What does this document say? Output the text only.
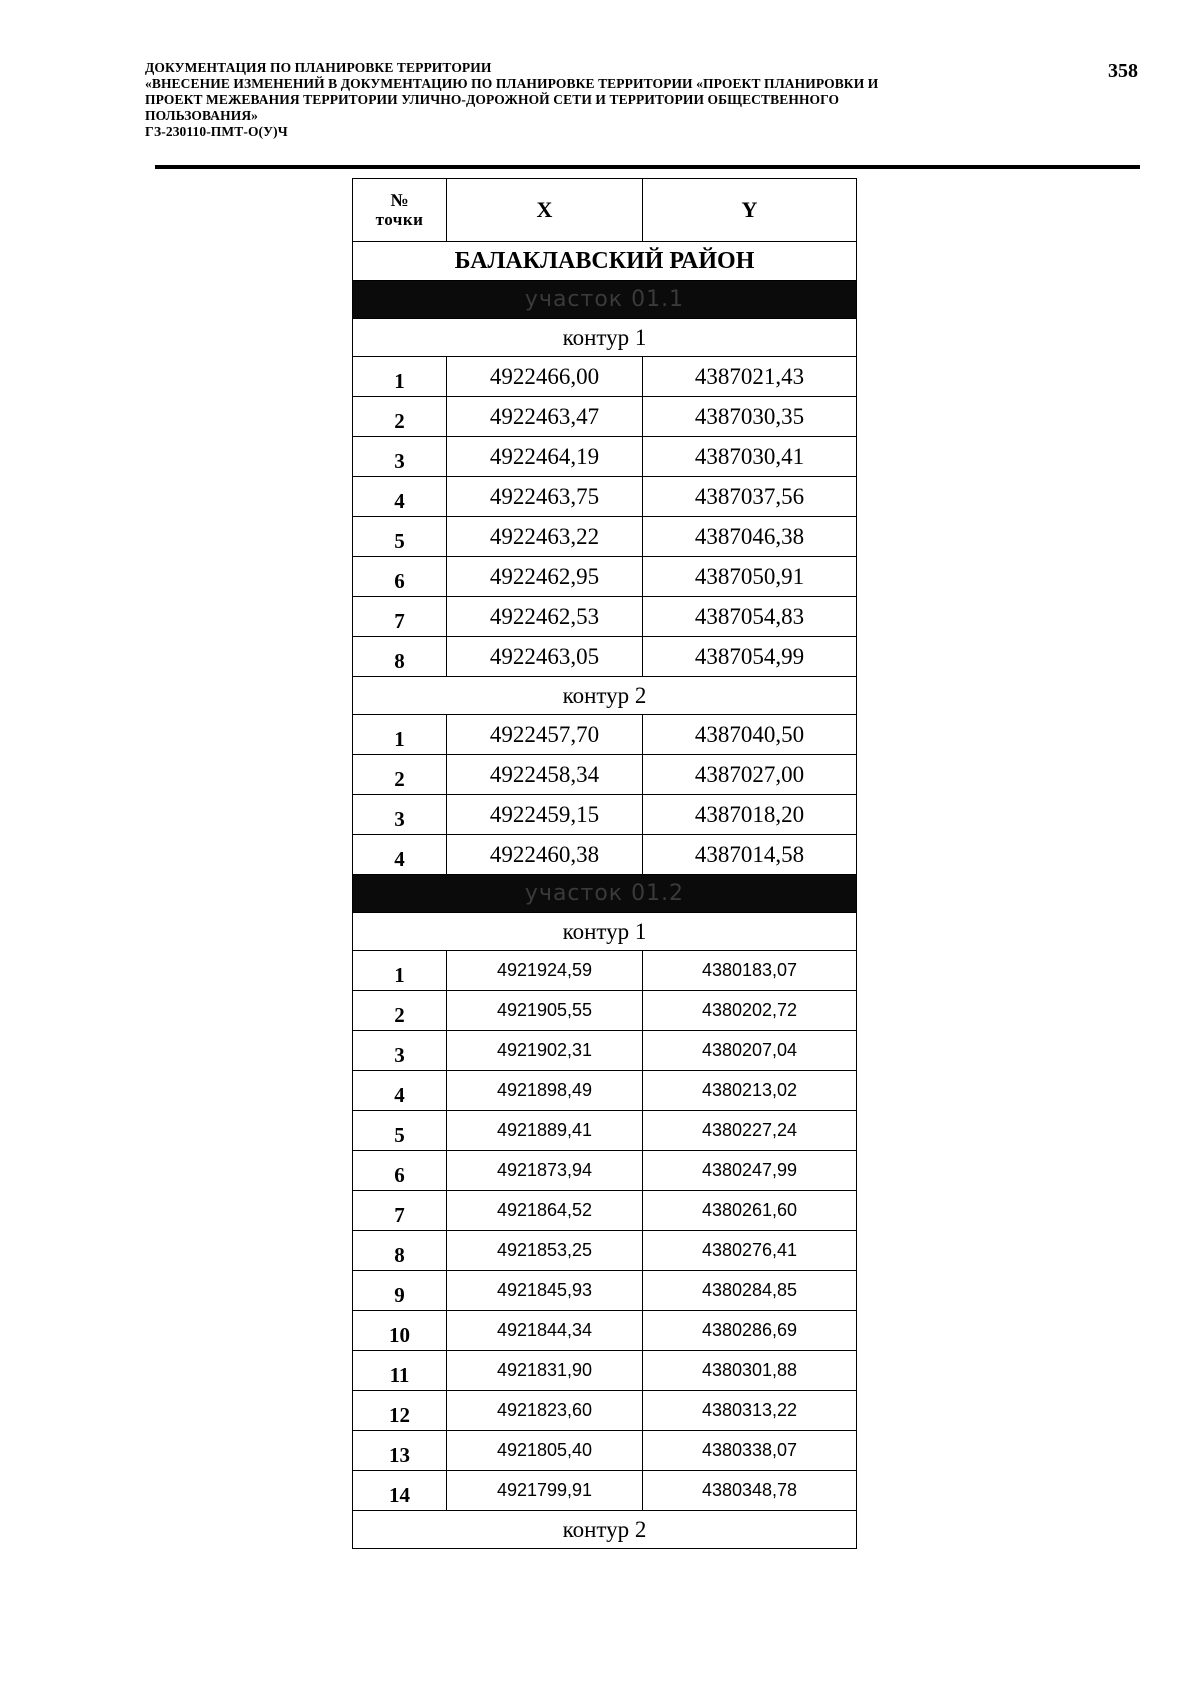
ДОКУМЕНТАЦИЯ ПО ПЛАНИРОВКЕ ТЕРРИТОРИИ
«ВНЕСЕНИЕ ИЗМЕНЕНИЙ В ДОКУМЕНТАЦИЮ ПО ПЛАНИРОВКЕ ТЕРРИТОРИИ «ПРОЕКТ ПЛАНИРОВКИ И
ПРОЕКТ МЕЖЕВАНИЯ ТЕРРИТОРИИ УЛИЧНО-ДОРОЖНОЙ СЕТИ И ТЕРРИТОРИИ ОБЩЕСТВЕННОГО
ПОЛЬЗОВАНИЯ»
ГЗ-230110-ПМТ-О(У)Ч
358
№
точки	X	Y
БАЛАКЛАВСКИЙ РАЙОН		
участок 01.1		
контур 1		
1	4922466,00	4387021,43
2	4922463,47	4387030,35
3	4922464,19	4387030,41
4	4922463,75	4387037,56
5	4922463,22	4387046,38
6	4922462,95	4387050,91
7	4922462,53	4387054,83
8	4922463,05	4387054,99
контур 2		
1	4922457,70	4387040,50
2	4922458,34	4387027,00
3	4922459,15	4387018,20
4	4922460,38	4387014,58
участок 01.2		
контур 1		
1	4921924,59	4380183,07
2	4921905,55	4380202,72
3	4921902,31	4380207,04
4	4921898,49	4380213,02
5	4921889,41	4380227,24
6	4921873,94	4380247,99
7	4921864,52	4380261,60
8	4921853,25	4380276,41
9	4921845,93	4380284,85
10	4921844,34	4380286,69
11	4921831,90	4380301,88
12	4921823,60	4380313,22
13	4921805,40	4380338,07
14	4921799,91	4380348,78
контур 2		
